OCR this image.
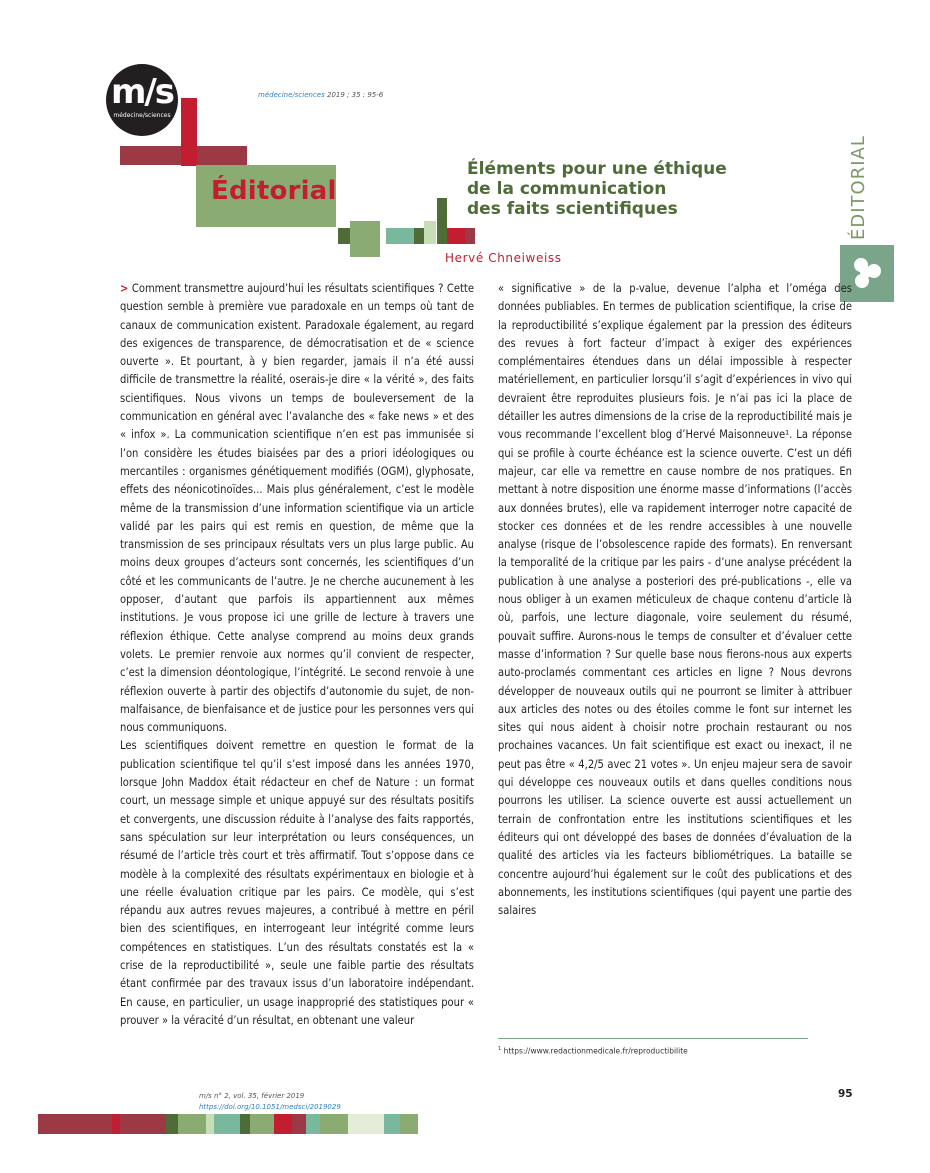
m/s
médecine/sciences
médecine/sciences 2019 ; 35 : 95-6
Éditorial
Éléments pour une éthique
de la communication
des faits scientifiques
Hervé Chneiweiss
ÉDITORIAL

> Comment transmettre aujourd’hui les résultats scientifiques ? Cette question semble à première vue paradoxale en un temps où tant de canaux de communication existent. Paradoxale également, au regard des exigences de transparence, de démocratisation et de « science ouverte ». Et pourtant, à y bien regarder, jamais il n’a été aussi difficile de transmettre la réalité, oserais-je dire « la vérité », des faits scientifiques. Nous vivons un temps de bouleversement de la communication en général avec l’avalanche des « fake news » et des « infox ». La communication scientifique n’en est pas immunisée si l’on considère les études biaisées par des a priori idéologiques ou mercantiles : organismes génétiquement modifiés (OGM), glyphosate, effets des néonicotinoïdes... Mais plus généralement, c’est le modèle même de la transmission d’une information scientifique via un article validé par les pairs qui est remis en question, de même que la transmission de ses principaux résultats vers un plus large public. Au moins deux groupes d’acteurs sont concernés, les scientifiques d’un côté et les communicants de l’autre. Je ne cherche aucunement à les opposer, d’autant que parfois ils appartiennent aux mêmes institutions. Je vous propose ici une grille de lecture à travers une réflexion éthique. Cette analyse comprend au moins deux grands volets. Le premier renvoie aux normes qu’il convient de respecter, c’est la dimension déontologique, l’intégrité. Le second renvoie à une réflexion ouverte à partir des objectifs d’autonomie du sujet, de non-malfaisance, de bienfaisance et de justice pour les personnes vers qui nous communiquons.

Les scientifiques doivent remettre en question le format de la publication scientifique tel qu’il s’est imposé dans les années 1970, lorsque John Maddox était rédacteur en chef de Nature : un format court, un message simple et unique appuyé sur des résultats positifs et convergents, une discussion réduite à l’analyse des faits rapportés, sans spéculation sur leur interprétation ou leurs conséquences, un résumé de l’article très court et très affirmatif. Tout s’oppose dans ce modèle à la complexité des résultats expérimentaux en biologie et à une réelle évaluation critique par les pairs. Ce modèle, qui s’est répandu aux autres revues majeures, a contribué à mettre en péril bien des scientifiques, en interrogeant leur intégrité comme leurs compétences en statistiques. L’un des résultats constatés est la « crise de la reproductibilité », seule une faible partie des résultats étant confirmée par des travaux issus d’un laboratoire indépendant. En cause, en particulier, un usage inapproprié des statistiques pour « prouver » la véracité d’un résultat, en obtenant une valeur

« significative » de la p-value, devenue l’alpha et l’oméga des données publiables. En termes de publication scientifique, la crise de la reproductibilité s’explique également par la pression des éditeurs des revues à fort facteur d’impact à exiger des expériences complémentaires étendues dans un délai impossible à respecter matériellement, en particulier lorsqu’il s’agit d’expériences in vivo qui devraient être reproduites plusieurs fois. Je n’ai pas ici la place de détailler les autres dimensions de la crise de la reproductibilité mais je vous recommande l’excellent blog d’Hervé Maisonneuve¹. La réponse qui se profile à courte échéance est la science ouverte. C’est un défi majeur, car elle va remettre en cause nombre de nos pratiques. En mettant à notre disposition une énorme masse d’informations (l’accès aux données brutes), elle va rapidement interroger notre capacité de stocker ces données et de les rendre accessibles à une nouvelle analyse (risque de l’obsolescence rapide des formats). En renversant la temporalité de la critique par les pairs - d’une analyse précédent la publication à une analyse a posteriori des pré-publications -, elle va nous obliger à un examen méticuleux de chaque contenu d’article là où, parfois, une lecture diagonale, voire seulement du résumé, pouvait suffire. Aurons-nous le temps de consulter et d’évaluer cette masse d’information ? Sur quelle base nous fierons-nous aux experts auto-proclamés commentant ces articles en ligne ? Nous devrons développer de nouveaux outils qui ne pourront se limiter à attribuer aux articles des notes ou des étoiles comme le font sur internet les sites qui nous aident à choisir notre prochain restaurant ou nos prochaines vacances. Un fait scientifique est exact ou inexact, il ne peut pas être « 4,2/5 avec 21 votes ». Un enjeu majeur sera de savoir qui développe ces nouveaux outils et dans quelles conditions nous pourrons les utiliser. La science ouverte est aussi actuellement un terrain de confrontation entre les institutions scientifiques et les éditeurs qui ont développé des bases de données d’évaluation de la qualité des articles via les facteurs bibliométriques. La bataille se concentre aujourd’hui également sur le coût des publications et des abonnements, les institutions scientifiques (qui payent une partie des salaires

$^1$ https://www.redactionmedicale.fr/reproductibilite
m/s n° 2, vol. 35, février 2019
https://doi.org/10.1051/medsci/2019029
95
